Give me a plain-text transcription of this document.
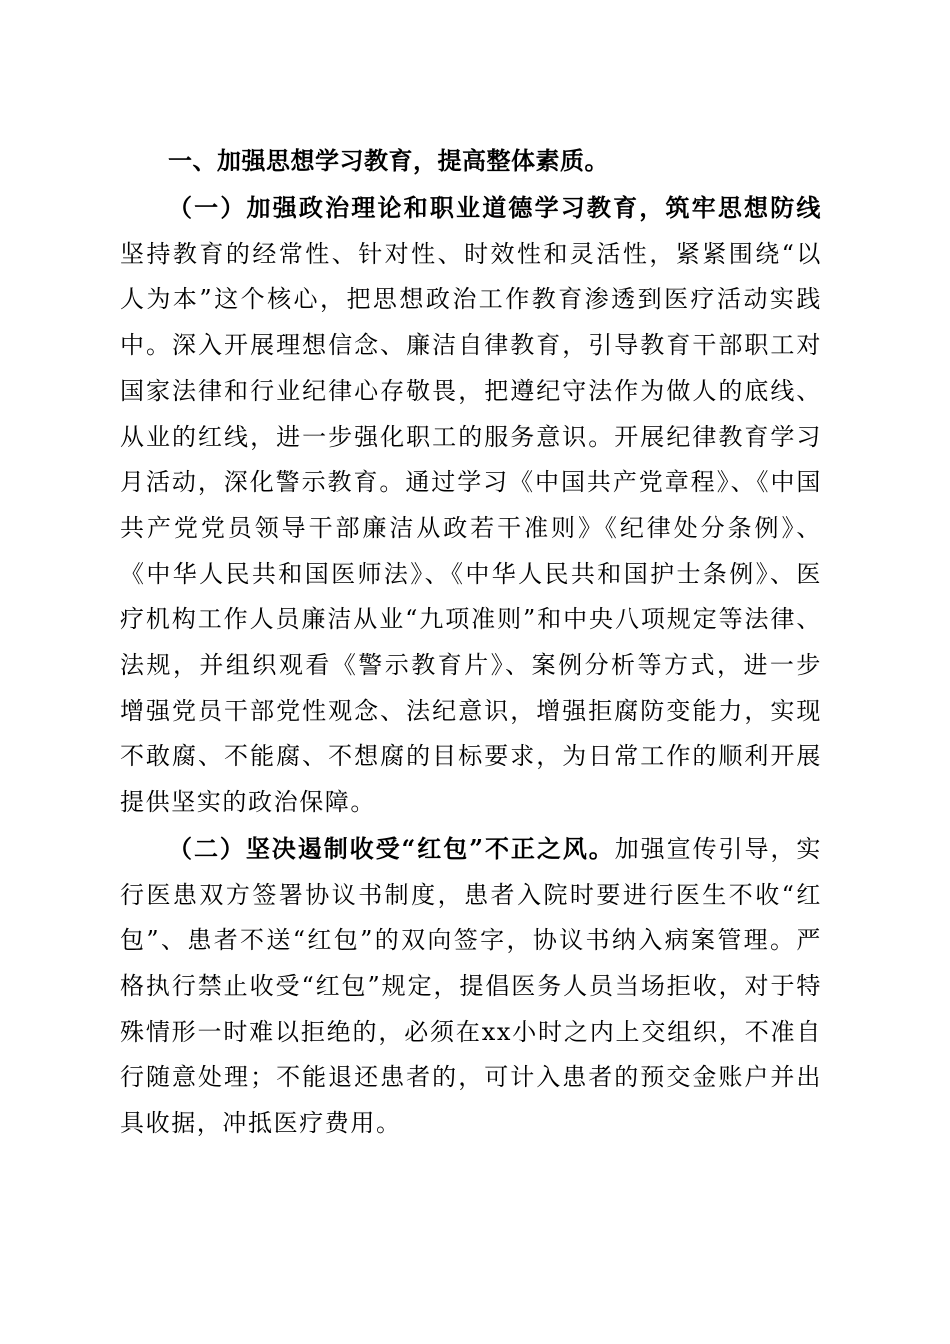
一、加强思想学习教育，提高整体素质。

（一）加强政治理论和职业道德学习教育，筑牢思想防线坚持教育的经常性、针对性、时效性和灵活性，紧紧围绕“以人为本”这个核心，把思想政治工作教育渗透到医疗活动实践中。深入开展理想信念、廉洁自律教育，引导教育干部职工对国家法律和行业纪律心存敬畏，把遵纪守法作为做人的底线、从业的红线，进一步强化职工的服务意识。开展纪律教育学习月活动，深化警示教育。通过学习《中国共产党章程》、《中国共产党党员领导干部廉洁从政若干准则》《纪律处分条例》、《中华人民共和国医师法》、《中华人民共和国护士条例》、医疗机构工作人员廉洁从业“九项准则”和中央八项规定等法律、法规，并组织观看《警示教育片》、案例分析等方式，进一步增强党员干部党性观念、法纪意识，增强拒腐防变能力，实现不敢腐、不能腐、不想腐的目标要求，为日常工作的顺利开展提供坚实的政治保障。

（二）坚决遏制收受“红包”不正之风。加强宣传引导，实行医患双方签署协议书制度，患者入院时要进行医生不收“红包”、患者不送“红包”的双向签字，协议书纳入病案管理。严格执行禁止收受“红包”规定，提倡医务人员当场拒收，对于特殊情形一时难以拒绝的，必须在xx小时之内上交组织，不准自行随意处理；不能退还患者的，可计入患者的预交金账户并出具收据，冲抵医疗费用。
